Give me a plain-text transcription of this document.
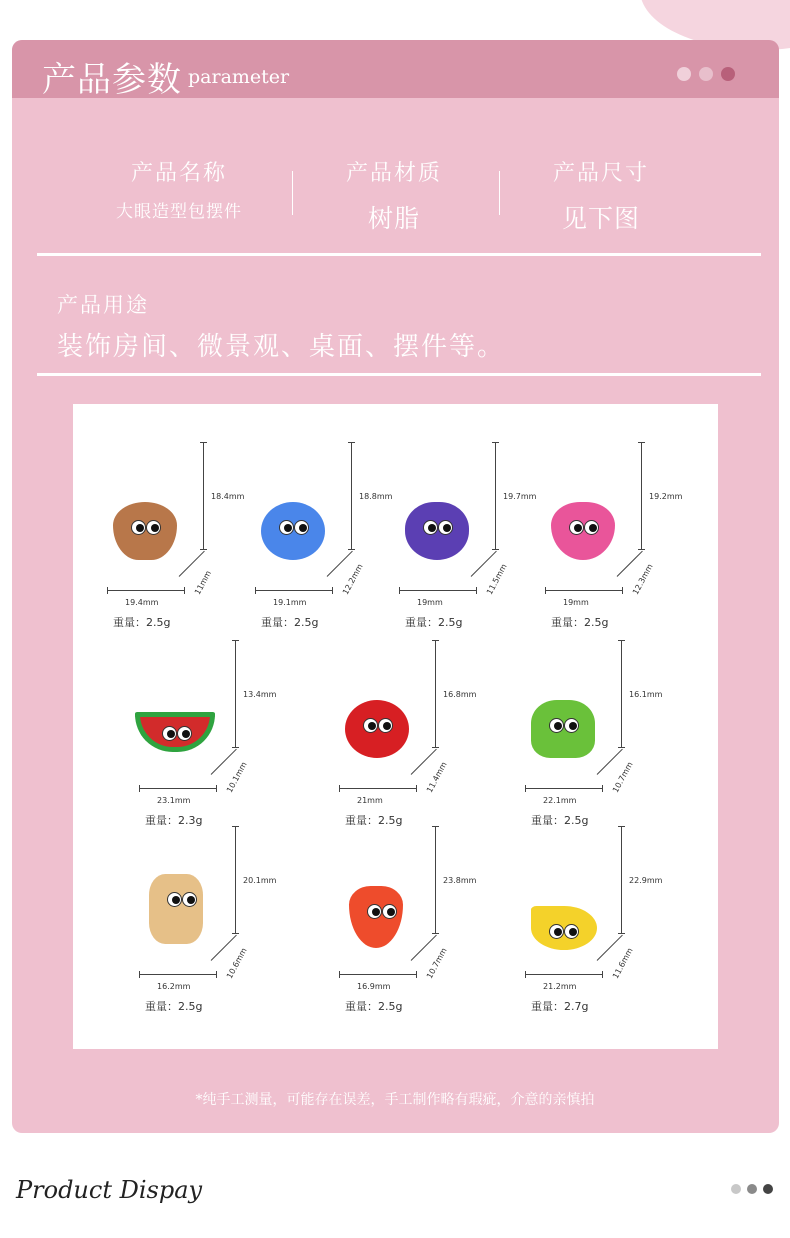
产品参数 parameter
产品名称
大眼造型包摆件
产品材质
树脂
产品尺寸
见下图
产品用途
装饰房间、微景观、桌面、摆件等。
18.4mm
11mm
19.4mm
重量：2.5g
18.8mm
12.2mm
19.1mm
重量：2.5g
19.7mm
11.5mm
19mm
重量：2.5g
19.2mm
12.3mm
19mm
重量：2.5g
13.4mm
10.1mm
23.1mm
重量：2.3g
16.8mm
11.4mm
21mm
重量：2.5g
16.1mm
10.7mm
22.1mm
重量：2.5g
20.1mm
10.6mm
16.2mm
重量：2.5g
23.8mm
10.7mm
16.9mm
重量：2.5g
22.9mm
11.6mm
21.2mm
重量：2.7g
*纯手工测量，可能存在误差，手工制作略有瑕疵，介意的亲慎拍
Product Dispay
